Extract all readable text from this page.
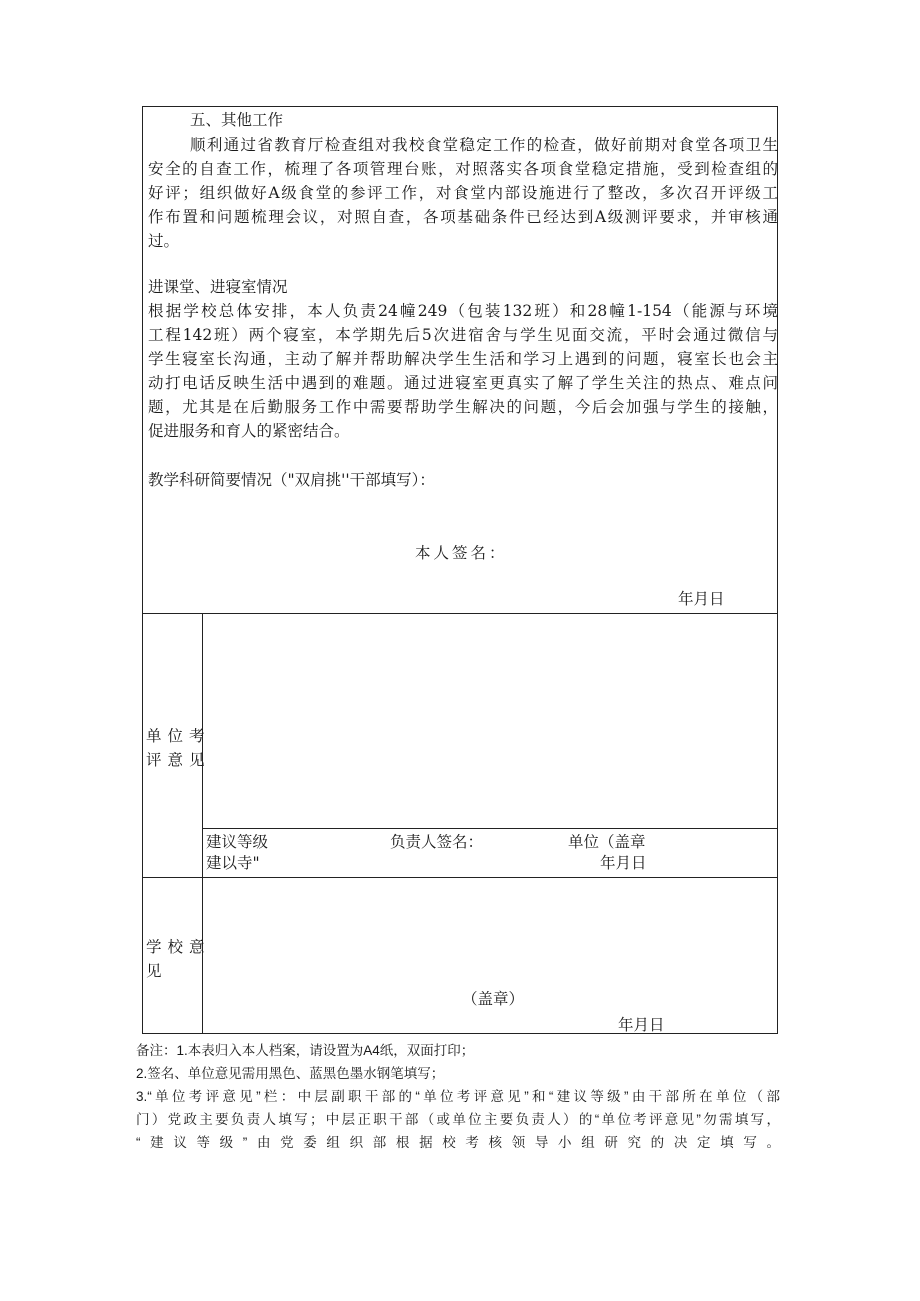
五、其他工作
顺利通过省教育厅检查组对我校食堂稳定工作的检查，做好前期对食堂各项卫生
安全的自查工作，梳理了各项管理台账，对照落实各项食堂稳定措施，受到检查组的
好评；组织做好A级食堂的参评工作，对食堂内部设施进行了整改，多次召开评级工
作布置和问题梳理会议，对照自查，各项基础条件已经达到A级测评要求，并审核通
过。
进课堂、进寝室情况
根据学校总体安排，本人负责24幢249（包装132班）和28幢1-154（能源与环境
工程142班）两个寝室，本学期先后5次进宿舍与学生见面交流，平时会通过微信与
学生寝室长沟通，主动了解并帮助解决学生生活和学习上遇到的问题，寝室长也会主
动打电话反映生活中遇到的难题。通过进寝室更真实了解了学生关注的热点、难点问
题，尤其是在后勤服务工作中需要帮助学生解决的问题，今后会加强与学生的接触，
促进服务和育人的紧密结合。
教学科研简要情况（"双肩挑''干部填写）：
本人签名：
年月日
单位考
评意见
建议等级
建以寺"
负责人签名：	单位（盖章
年月日
学校意
见
（盖章）
年月日
备注：1.本表归入本人档案，请设置为A4纸，双面打印；
2.签名、单位意见需用黑色、蓝黑色墨水钢笔填写；
3.“单位考评意见”栏：中层副职干部的“单位考评意见”和“建议等级”由干部所在单位（部
门）党政主要负责人填写；中层正职干部（或单位主要负责人）的“单位考评意见”勿需填写，
“建议等级”由党委组织部根据校考核领导小组研究的决定填写。
